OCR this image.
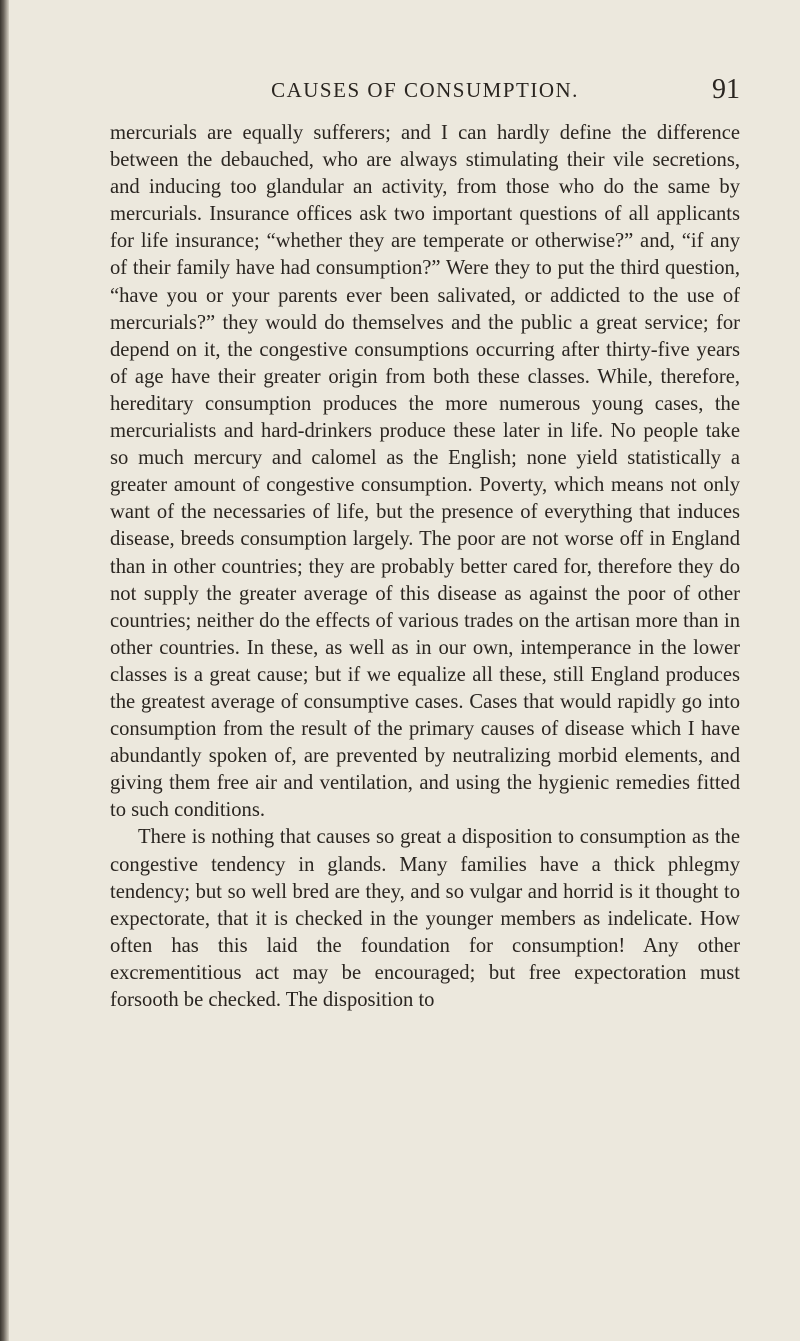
CAUSES OF CONSUMPTION.	91

mercurials are equally sufferers; and I can hardly define the difference between the debauched, who are always stimulating their vile secretions, and inducing too glandular an activity, from those who do the same by mercurials. Insurance offices ask two important questions of all applicants for life insurance; “whether they are temperate or otherwise?” and, “if any of their family have had consumption?” Were they to put the third question, “have you or your parents ever been salivated, or addicted to the use of mercurials?” they would do themselves and the public a great service; for depend on it, the congestive consumptions occurring after thirty-five years of age have their greater origin from both these classes. While, therefore, hereditary consumption produces the more numerous young cases, the mercurialists and hard-drinkers produce these later in life. No people take so much mercury and calomel as the English; none yield statistically a greater amount of congestive consumption. Poverty, which means not only want of the necessaries of life, but the presence of everything that induces disease, breeds consumption largely. The poor are not worse off in England than in other countries; they are probably better cared for, therefore they do not supply the greater average of this disease as against the poor of other countries; neither do the effects of various trades on the artisan more than in other countries. In these, as well as in our own, intemperance in the lower classes is a great cause; but if we equalize all these, still England produces the greatest average of consumptive cases. Cases that would rapidly go into consumption from the result of the primary causes of disease which I have abundantly spoken of, are prevented by neutralizing morbid elements, and giving them free air and ventilation, and using the hygienic remedies fitted to such conditions.

There is nothing that causes so great a disposition to consumption as the congestive tendency in glands. Many families have a thick phlegmy tendency; but so well bred are they, and so vulgar and horrid is it thought to expectorate, that it is checked in the younger members as indelicate. How often has this laid the foundation for consumption! Any other excrementitious act may be encouraged; but free expectoration must forsooth be checked. The disposition to
